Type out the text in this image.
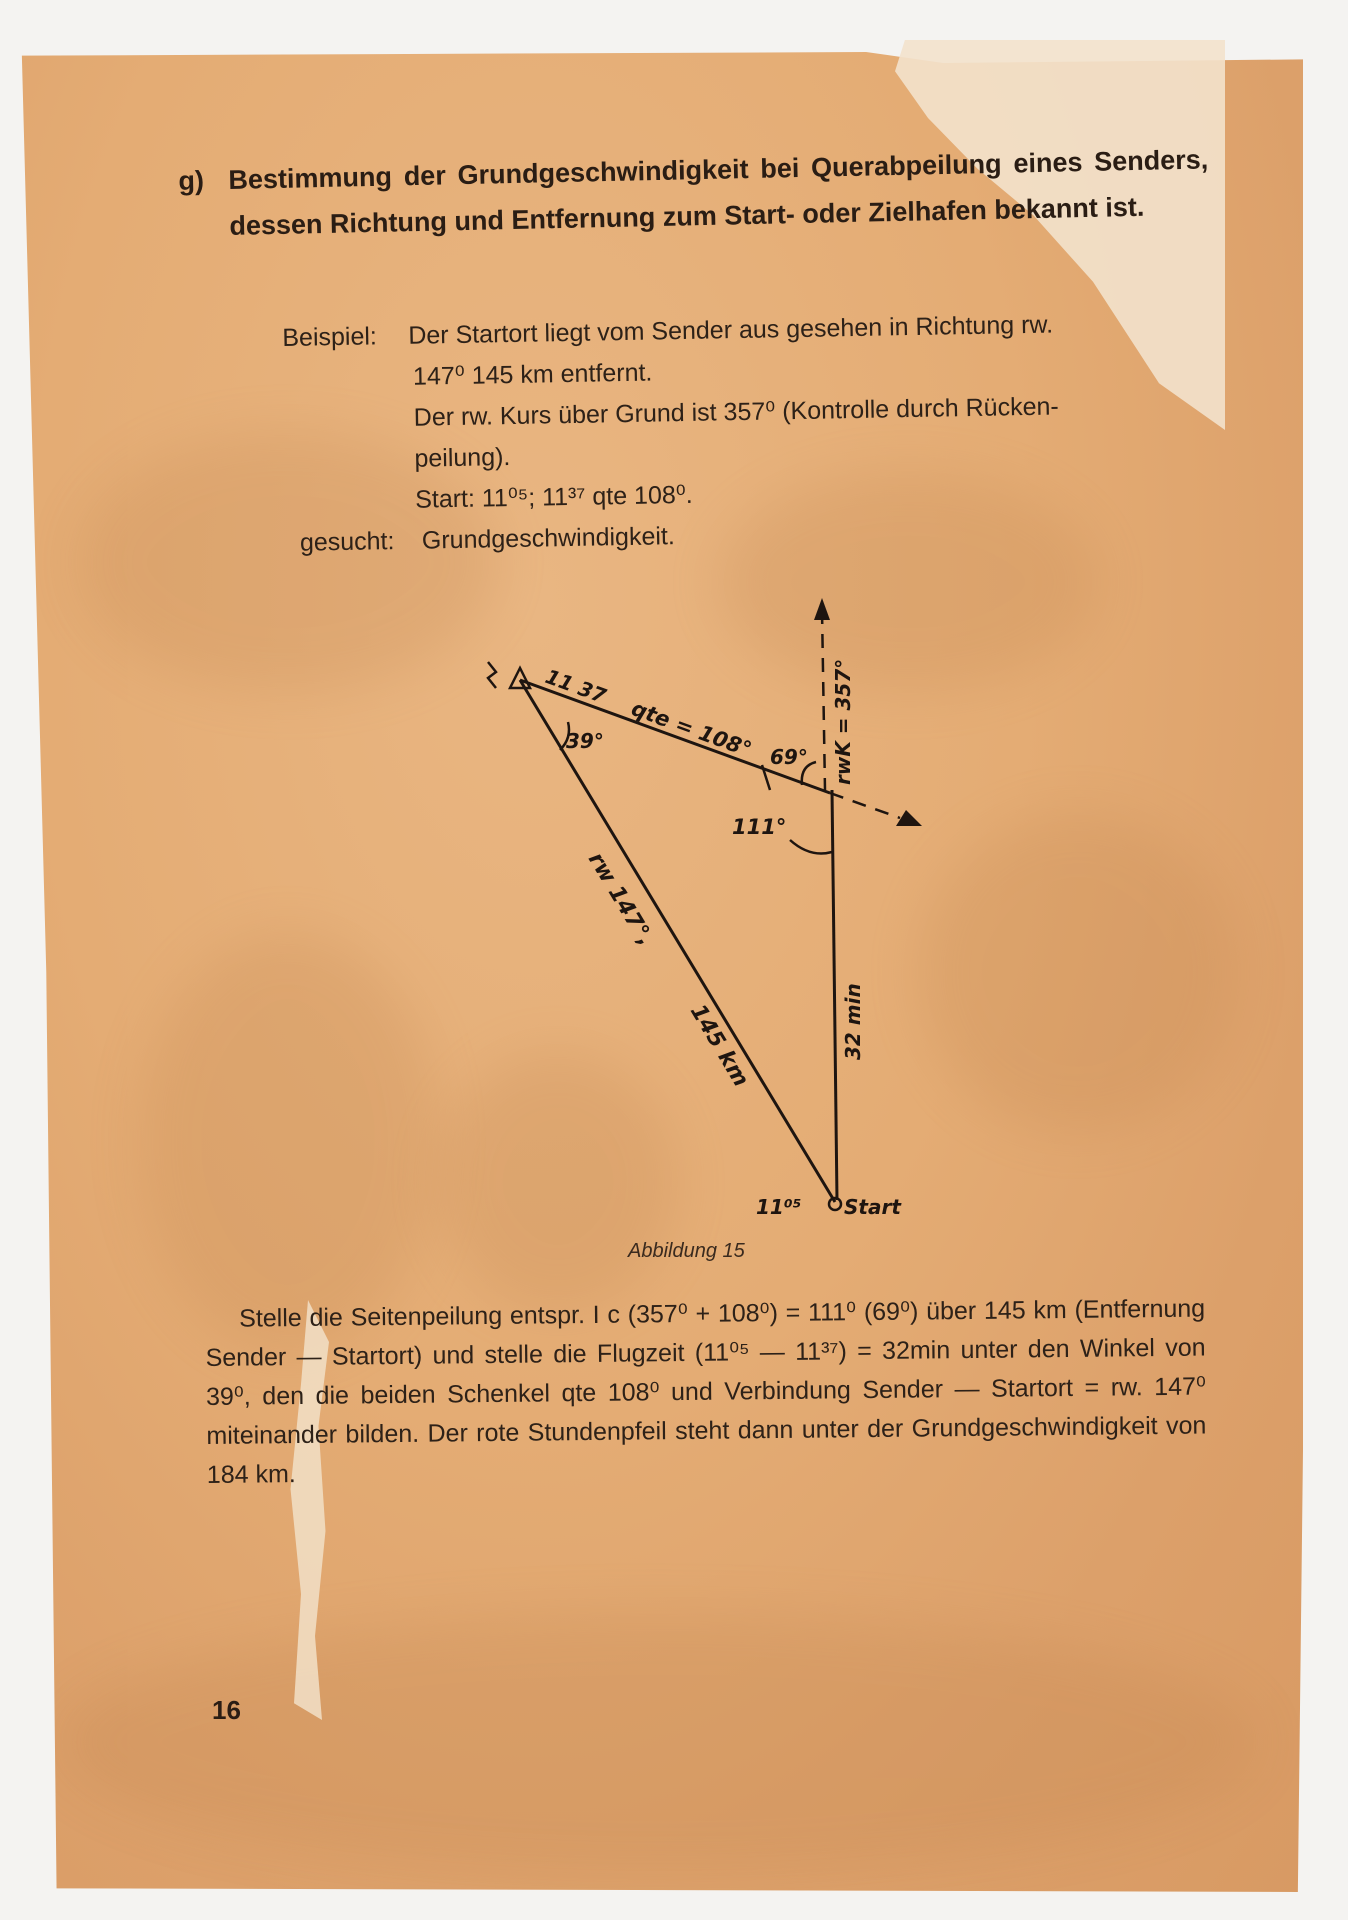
g) Bestimmung der Grundgeschwindigkeit bei Querabpeilung eines Senders, dessen Richtung und Entfernung zum Start- oder Zielhafen bekannt ist.
Beispiel: Der Startort liegt vom Sender aus gesehen in Richtung rw.
147⁰ 145 km entfernt.
Der rw. Kurs über Grund ist 357⁰ (Kontrolle durch Rücken-
peilung).
Start: 11⁰⁵; 11³⁷ qte 108⁰.
gesucht: Grundgeschwindigkeit.
11 37
qte = 108°
39°
69°
111°
rwK = 357°
rw 147°,
145 km	32 min
11⁰⁵ Start
Abbildung 15

Stelle die Seitenpeilung entspr. I c (357⁰ + 108⁰) = 111⁰ (69⁰) über 145 km (Entfernung Sender — Startort) und stelle die Flugzeit (11⁰⁵ — 11³⁷) = 32min unter den Winkel von 39⁰, den die beiden Schenkel qte 108⁰ und Verbindung Sender — Startort = rw. 147⁰ miteinander bilden. Der rote Stundenpfeil steht dann unter der Grundgeschwindigkeit von 184 km.

16
